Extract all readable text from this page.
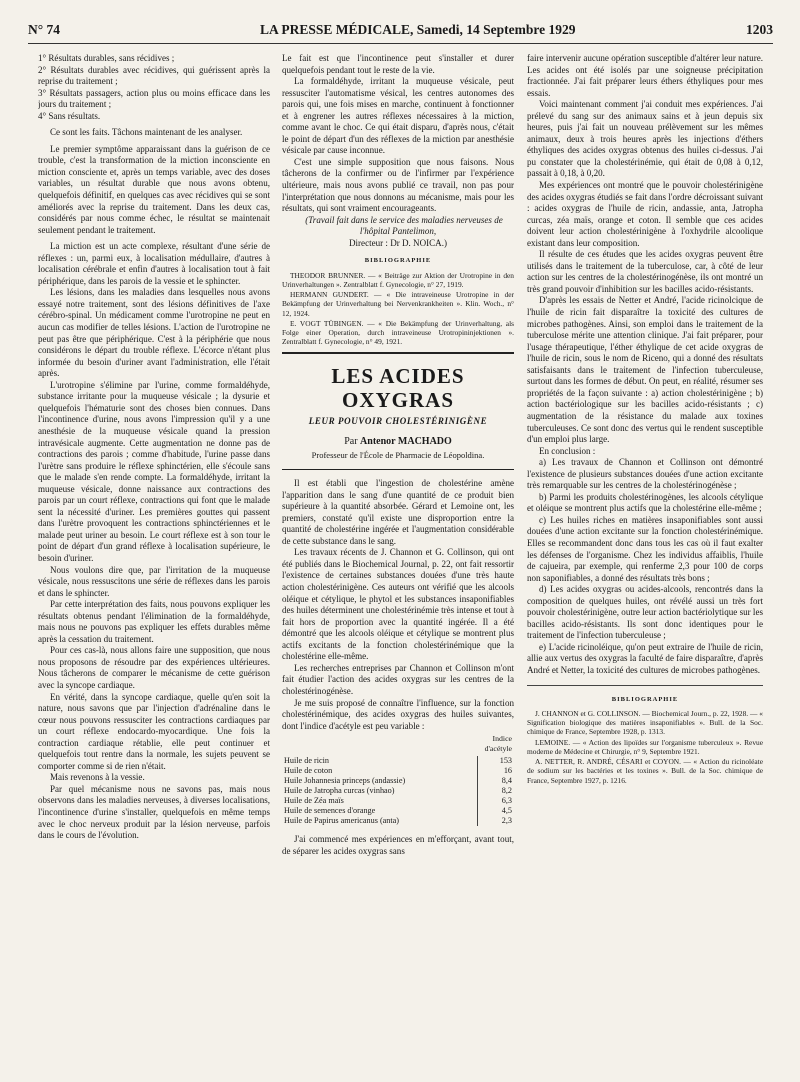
N° 74	LA PRESSE MÉDICALE, Samedi, 14 Septembre 1929	1203

1° Résultats durables, sans récidives ;

2° Résultats durables avec récidives, qui guérissent après la reprise du traitement ;

3° Résultats passagers, action plus ou moins efficace dans les jours du traitement ;

4° Sans résultats.

Ce sont les faits. Tâchons maintenant de les analyser.

Le premier symptôme apparaissant dans la guérison de ce trouble, c'est la transformation de la miction inconsciente en miction consciente et, après un temps variable, avec des doses variables, un résultat durable que nous avons obtenu, quelquefois définitif, en quelques cas avec récidives qui se sont améliorés avec la reprise du traitement. Dans les deux cas, considérés par nous comme échec, le résultat se maintenait seulement pendant le traitement.

La miction est un acte complexe, résultant d'une série de réflexes : un, parmi eux, à localisation médullaire, d'autres à localisation cérébrale et enfin d'autres à localisation tout à fait périphérique, dans les parois de la vessie et le sphincter.

Les lésions, dans les maladies dans lesquelles nous avons essayé notre traitement, sont des lésions définitives de l'axe cérébro-spinal. Un médicament comme l'urotropine ne peut en aucun cas modifier de telles lésions. L'action de l'urotropine ne peut pas être que périphérique. C'est à la périphérie que nous considérons le départ du trouble réflexe. L'écorce n'étant plus informée du besoin d'uriner avant l'administration, elle l'était après.

L'urotropine s'élimine par l'urine, comme formaldéhyde, substance irritante pour la muqueuse vésicale ; la dysurie et quelquefois l'hématurie sont des choses bien connues. Dans l'incontinence d'urine, nous avons l'impression qu'il y a une anesthésie de la muqueuse vésicale quand la pression intravésicale augmente. Cette augmentation ne donne pas de contractions des parois ; comme d'habitude, l'urine passe dans l'urètre sans produire le réflexe sphinctérien, elle s'écoule sans que le malade s'en rende compte. La formaldéhyde, irritant la muqueuse vésicale, donne naissance aux contractions des parois par un court réflexe, contractions qui font que le malade sent la nécessité d'uriner. Les premières gouttes qui passent dans l'urètre provoquent les contractions sphinctériennes et le malade peut uriner au besoin. Le court réflexe est à son tour le point de départ d'un grand réflexe à localisation supérieure, le besoin d'uriner.

Nous voulons dire que, par l'irritation de la muqueuse vésicale, nous ressuscitons une série de réflexes dans les parois et dans le sphincter.

Par cette interprétation des faits, nous pouvons expliquer les résultats obtenus pendant l'élimination de la formaldéhyde, mais nous ne pouvons pas expliquer les effets durables même après la cessation du traitement.

Pour ces cas-là, nous allons faire une supposition, que nous nous proposons de résoudre par des expériences ultérieures. Nous tâcherons de comparer le mécanisme de cette guérison avec la syncope cardiaque.

En vérité, dans la syncope cardiaque, quelle qu'en soit la nature, nous savons que par l'injection d'adrénaline dans le cœur nous pouvons ressusciter les contractions cardiaques par un court réflexe endocardo-myocardique. Une fois la contraction cardiaque rétablie, elle peut continuer et quelquefois tout rentre dans la normale, les sujets peuvent se comporter comme si de rien n'était.

Mais revenons à la vessie.

Par quel mécanisme nous ne savons pas, mais nous observons dans les maladies nerveuses, à diverses localisations, l'incontinence d'urine s'installer, quelquefois en même temps avec le choc nerveux produit par la lésion nerveuse, parfois dans le cours de l'évolution.

Le fait est que l'incontinence peut s'installer et durer quelquefois pendant tout le reste de la vie.

La formaldéhyde, irritant la muqueuse vésicale, peut ressusciter l'automatisme vésical, les centres autonomes des parois qui, une fois mises en marche, continuent à fonctionner et à engrener les autres réflexes nécessaires à la miction, comme avant le choc. Ce qui était disparu, d'après nous, c'était le point de départ d'un des réflexes de la miction par anesthésie vésicale par cause inconnue.

C'est une simple supposition que nous faisons. Nous tâcherons de la confirmer ou de l'infirmer par l'expérience ultérieure, mais nous avons publié ce travail, non pas pour l'interprétation que nous donnons au mécanisme, mais pour les résultats, qui sont vraiment encourageants.

(Travail fait dans le service des maladies nerveuses de l'hôpital Pantelimon,

Directeur : Dr D. NOICA.)

BIBLIOGRAPHIE

THEODOR BRUNNER. — « Beiträge zur Aktion der Urotropine in den Urinverhaltungen ». Zentralblatt f. Gynecologie, n° 27, 1919.

HERMANN GUNDERT. — « Die intraveineuse Urotropine in der Bekämpfung der Urinverhaltung bei Nervenkrankheiten ». Klin. Woch., n° 12, 1924.

E. VOGT TÜBINGEN. — « Die Bekämpfung der Urinverhaltung, als Folge einer Operation, durch intraveineuse Urotropininjektionen ». Zentralblatt f. Gynecologie, n° 49, 1921.

LES ACIDES OXYGRAS
LEUR POUVOIR CHOLESTÉRINIGÈNE
Par Antenor MACHADO
Professeur de l'École de Pharmacie de Léopoldina.

Il est établi que l'ingestion de cholestérine amène l'apparition dans le sang d'une quantité de ce produit bien supérieure à la quantité absorbée. Gérard et Lemoine ont, les premiers, constaté qu'il existe une disproportion entre la quantité de cholestérine ingérée et l'augmentation considérable de cette substance dans le sang.

Les travaux récents de J. Channon et G. Collinson, qui ont été publiés dans le Biochemical Journal, p. 22, ont fait ressortir l'existence de certaines substances douées d'une très haute action cholestérinigène. Ces auteurs ont vérifié que les alcools oléique et cétylique, le phytol et les substances insaponifiables des huiles déterminent une cholestérinémie très intense et tout à fait hors de proportion avec la quantité ingérée. Il a été démontré que les alcools oléique et cétylique se montrent plus actifs excitants de la fonction cholestérinémique que la cholestérine elle-même.

Les recherches entreprises par Channon et Collinson m'ont fait étudier l'action des acides oxygras sur les centres de la cholestérinogénèse.

Je me suis proposé de connaître l'influence, sur la fonction cholestérinémique, des acides oxygras des huiles suivantes, dont l'indice d'acétyle est peu variable :

	Indice d'acétyle
Huile de ricin	153
Huile de coton	16
Huile Johannesia princeps (andassie)	8,4
Huile de Jatropha curcas (vinhao)	8,2
Huile de Zéa maïs	6,3
Huile de semences d'orange	4,5
Huile de Papirus americanus (anta)	2,3

J'ai commencé mes expériences en m'efforçant, avant tout, de séparer les acides oxygras sans

faire intervenir aucune opération susceptible d'altérer leur nature. Les acides ont été isolés par une soigneuse précipitation fractionnée. J'ai fait préparer leurs éthers éthyliques pour mes essais.

Voici maintenant comment j'ai conduit mes expériences. J'ai prélevé du sang sur des animaux sains et à jeun depuis six heures, puis j'ai fait un nouveau prélèvement sur les mêmes animaux, deux à trois heures après les injections d'éthers éthyliques des acides oxygras obtenus des huiles ci-dessus. J'ai pu constater que la cholestérinémie, qui était de 0,08 à 0,12, passait à 0,18, à 0,20.

Mes expériences ont montré que le pouvoir cholestérinigène des acides oxygras étudiés se fait dans l'ordre décroissant suivant : acides oxygras de l'huile de ricin, andassie, anta, Jatropha curcas, zéa maïs, orange et coton. Il semble que ces acides doivent leur action cholestérinigène à l'oxhydrile alcoolique existant dans leur composition.

Il résulte de ces études que les acides oxygras peuvent être utilisés dans le traitement de la tuberculose, car, à côté de leur action sur les centres de la cholestérinogénèse, ils ont montré un très grand pouvoir d'inhibition sur les bacilles acido-résistants.

D'après les essais de Netter et André, l'acide ricinolcique de l'huile de ricin fait disparaître la toxicité des cultures de microbes pathogènes. Ainsi, son emploi dans le traitement de la tuberculose mérite une attention clinique. J'ai fait préparer, pour l'usage thérapeutique, l'éther éthylique de cet acide oxygras de l'huile de ricin, sous le nom de Riceno, qui a donné des résultats satisfaisants dans le traitement de l'infection tuberculeuse, surtout dans les formes de début. On peut, en réalité, résumer ses propriétés de la façon suivante : a) action cholestérinigène ; b) action bactériologique sur les bacilles acido-résistants ; c) augmentation de la résistance du malade aux toxines tuberculeuses. Ce sont donc des vertus qui le rendent susceptible d'un emploi plus large.

En conclusion :

a) Les travaux de Channon et Collinson ont démontré l'existence de plusieurs substances douées d'une action excitante très remarquable sur les centres de la cholestérinogénèse ;

b) Parmi les produits cholestérinogènes, les alcools cétylique et oléique se montrent plus actifs que la cholestérine elle-même ;

c) Les huiles riches en matières insaponifiables sont aussi douées d'une action excitante sur la fonction cholestérinémique. Elles se recommandent donc dans tous les cas où il faut exalter les défenses de l'organisme. Chez les individus affaiblis, l'huile de cajueira, par exemple, qui renferme 2,3 pour 100 de corps non saponifiables, a donné des résultats très bons ;

d) Les acides oxygras ou acides-alcools, rencontrés dans la composition de quelques huiles, ont révélé aussi un très fort pouvoir cholestérinigène, outre leur action bactériolytique sur les bacilles acido-résistants. Ils sont donc identiques pour le traitement de l'infection tuberculeuse ;

e) L'acide ricinoléique, qu'on peut extraire de l'huile de ricin, allie aux vertus des oxygras la faculté de faire disparaître, d'après André et Netter, la toxicité des cultures de microbes pathogènes.

BIBLIOGRAPHIE

J. CHANNON et G. COLLINSON. — Biochemical Journ., p. 22, 1928. — « Signification biologique des matières insaponifiables ». Bull. de la Soc. chimique de France, Septembre 1928, p. 1313.

LEMOINE. — « Action des lipoïdes sur l'organisme tuberculeux ». Revue moderne de Médecine et Chirurgie, n° 9, Septembre 1921.

A. NETTER, R. ANDRÉ, CÉSARI et COYON. — « Action du ricinoléate de sodium sur les bactéries et les toxines ». Bull. de la Soc. chimique de France, Septembre 1927, p. 1216.
